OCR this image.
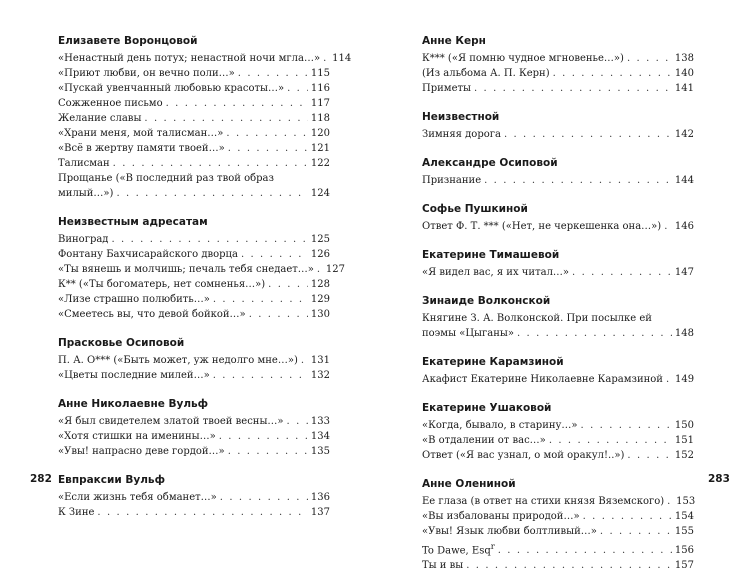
Елизавете Воронцовой
«Ненастный день потух; ненастной ночи мгла…» . . . 114
«Приют любви, он вечно поли…» . . .	115
«Пускай увенчанный любовью красоты…» . . .	116
Сожженное письмо . . .	117
Желание славы . . .	118
«Храни меня, мой талисман…» . . .	120
«Всё в жертву памяти твоей…» . . .	121
Талисман . . .	122
Прощанье («В последний раз твой образ
милый…») . . .	124
Неизвестным адресатам
Виноград . . .	125
Фонтану Бахчисарайского дворца . . .	126
«Ты вянешь и молчишь; печаль тебя снедает…» . . . 127
К** («Ты богоматерь, нет сомненья…») . . .	128
«Лизе страшно полюбить…» . . .	129
«Смеетесь вы, что девой бойкой…» . . .	130
Прасковье Осиповой
П. А. О*** («Быть может, уж недолго мне…») . . . 131
«Цветы последние милей…» . . .	132
Анне Николаевне Вульф
«Я был свидетелем златой твоей весны…» . . .	133
«Хотя стишки на именины…» . . .	134
«Увы! напрасно деве гордой…» . . .	135
Евпраксии Вульф
«Если жизнь тебя обманет…» . . .	136
К Зине . . .	137
Анне Керн
К*** («Я помню чудное мгновенье…») . . .	138
(Из альбома А. П. Керн) . . .	140
Приметы . . .	141
Неизвестной
Зимняя дорога . . .	142
Александре Осиповой
Признание . . .	144
Софье Пушкиной
Ответ Ф. Т. *** («Нет, не черкешенка она…») . . . 146
Екатерине Тимашевой
«Я видел вас, я их читал…» . . .	147
Зинаиде Волконской
Княгине З. А. Волконской. При посылке ей
поэмы «Цыганы» . . .	148
Екатерине Карамзиной
Акафист Екатерине Николаевне Карамзиной . . . 149
Екатерине Ушаковой
«Когда, бывало, в старину…» . . .	150
«В отдалении от вас…» . . .	151
Ответ («Я вас узнал, о мой оракул!..») . . .	152
Анне Олениной
Ее глаза (в ответ на стихи князя Вяземского) . . . 153
«Вы избалованы природой…» . . .	154
«Увы! Язык любви болтливый…» . . .	155
To Dawe, Esq$^r$ . . .	156
Ты и вы . . .	157
282	283
